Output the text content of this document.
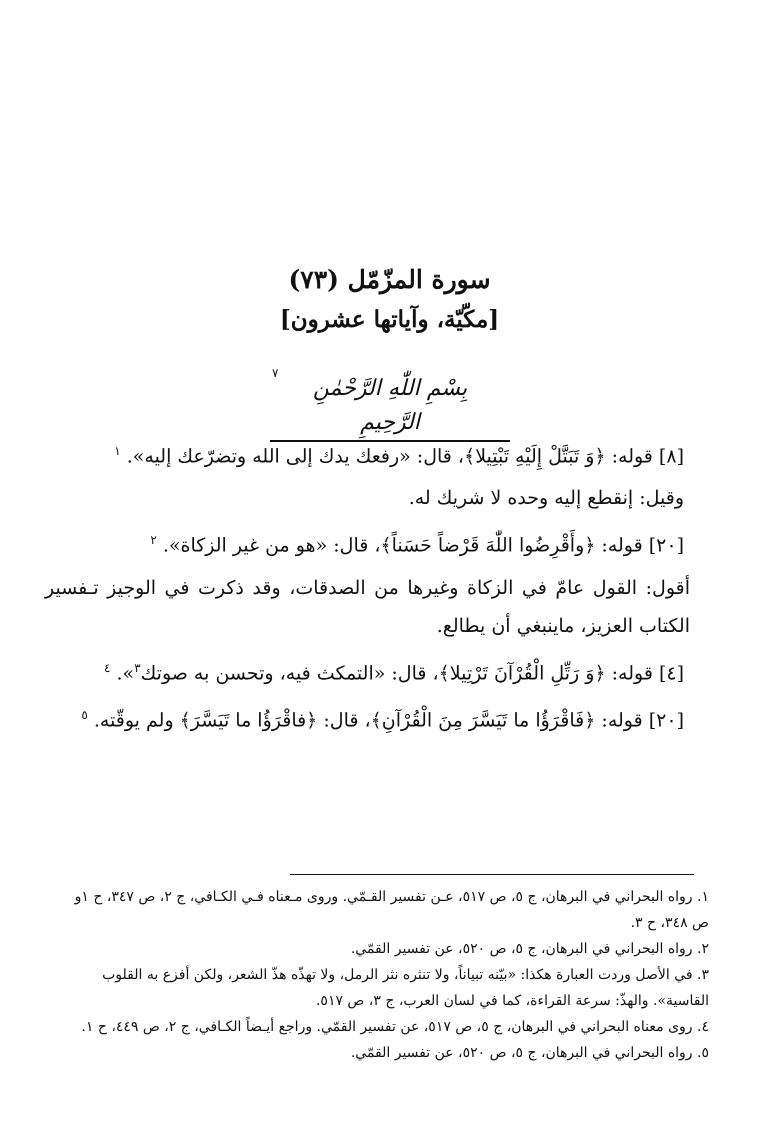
سورة المزّمّل (٧٣)

[مكّيّة، وآياتها عشرون]

بِسْمِ اللّٰهِ الرَّحْمٰنِ الرَّحِيمِ
٧

[٨] قوله: ﴿وَ تَبَتَّلْ إِلَيْهِ تَبْتِيلا﴾، قال: «رفعك يدك إلى الله وتضرّعك إليه». $^١$

وقيل: إنقطع إليه وحده لا شريك له.

[٢٠] قوله: ﴿وأَقْرِضُوا اللّٰهَ قَرْضاً حَسَناً﴾، قال: «هو من غير الزكاة». $^٢$

أقول: القول عامّ في الزكاة وغيرها من الصدقات، وقد ذكرت في الوجيز تـفسير الكتاب العزيز، ماينبغي أن يطالع.

[٤] قوله: ﴿وَ رَتِّلِ الْقُرْآنَ تَرْتِيلا﴾، قال: «التمكث فيه، وتحسن به صوتك$^٣$». $^٤$

[٢٠] قوله: ﴿فَاقْرَؤُا ما تَيَسَّرَ مِنَ الْقُرْآنِ﴾، قال: ﴿فاقْرَؤُا ما تَيَسَّرَ﴾ ولم يوقّته. $^٥$

١. رواه البحراني في البرهان، ج ٥، ص ٥١٧، عـن تفسير القـمّي. وروى مـعناه فـي الكـافي، ج ٢، ص ٣٤٧، ح ١و ص ٣٤٨، ح ٣.

٢. رواه البحراني في البرهان، ج ٥، ص ٥٢٠، عن تفسير القمّي.

٣. في الأصل وردت العبارة هكذا: «بيّنه تبياناً، ولا تنثره نثر الرمل، ولا تهذّه هذّ الشعر، ولكن أفزع به القلوب القاسية». والهذّ: سرعة القراءة، كما في لسان العرب، ج ٣، ص ٥١٧.

٤. روى معناه البحراني في البرهان، ج ٥، ص ٥١٧، عن تفسير القمّي. وراجع أيـضاً الكـافي، ج ٢، ص ٤٤٩، ح ١.

٥. رواه البحراني في البرهان، ج ٥، ص ٥٢٠، عن تفسير القمّي.
